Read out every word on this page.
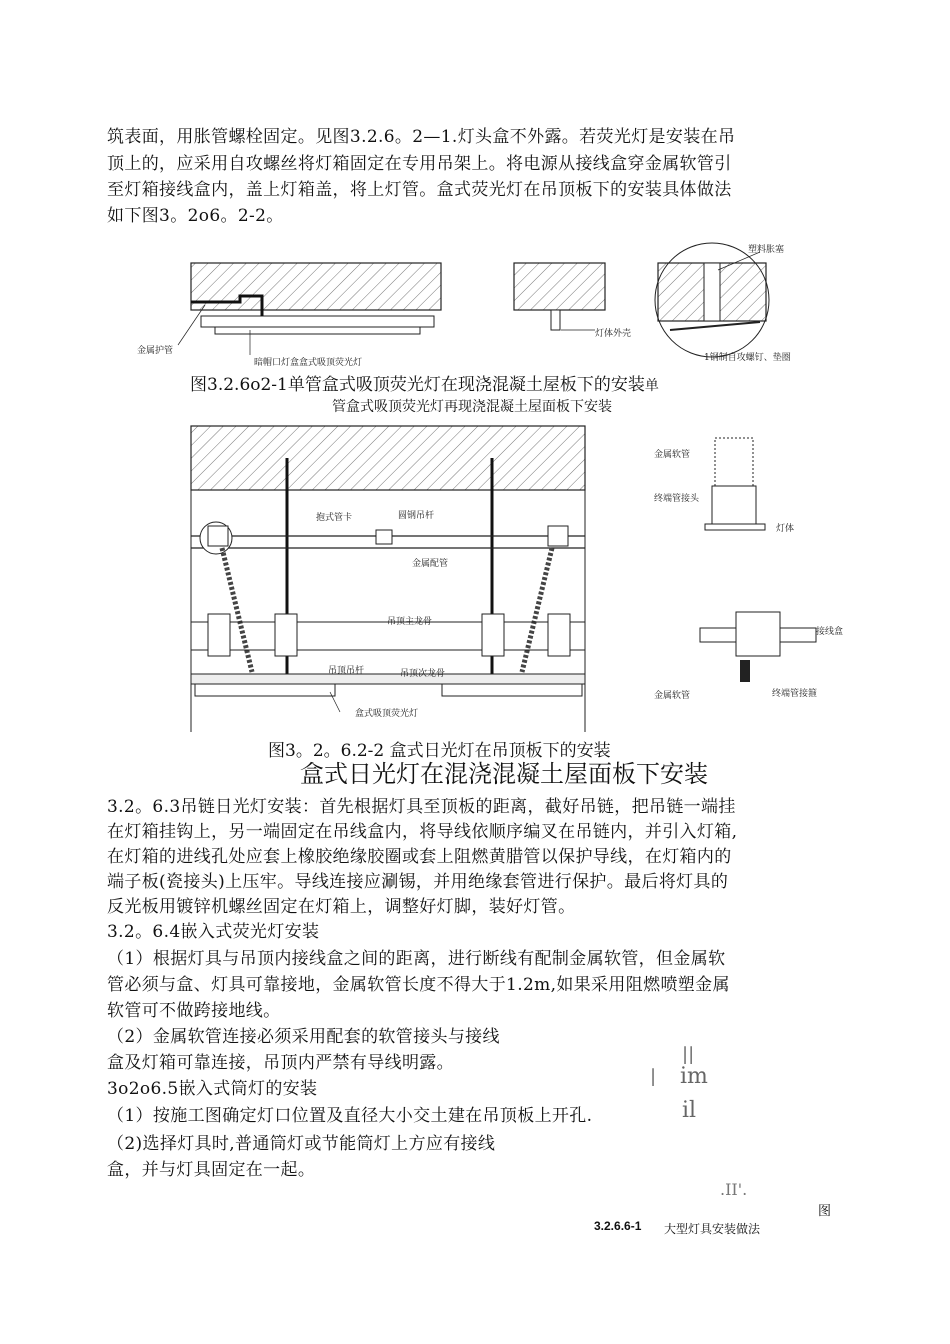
筑表面，用胀管螺栓固定。见图3.2.6。2—1.灯头盒不外露。若荧光灯是安装在吊
顶上的，应采用自攻螺丝将灯箱固定在专用吊架上。将电源从接线盒穿金属软管引
至灯箱接线盒内，盖上灯箱盖，将上灯管。盒式荧光灯在吊顶板下的安装具体做法
如下图3。2o6。2-2。
金属护管
暗帽口灯盒盒式吸顶荧光灯
塑料胀塞
灯体外壳
1钢制自攻螺钉、垫圈
图3.2.6o2-1单管盒式吸顶荧光灯在现浇混凝土屋板下的安装单
管盒式吸顶荧光灯再现浇混凝土屋面板下安装
抱式管卡	圆钢吊杆
金属配管
吊顶主龙骨
吊顶吊杆	吊顶次龙骨
盒式吸顶荧光灯
金属软管
终端管接头
灯体
接线盒
金属软管	终端管接箍
图3。2。6.2-2 盒式日光灯在吊顶板下的安装
盒式日光灯在混浇混凝土屋面板下安装
3.2。6.3吊链日光灯安装：首先根据灯具至顶板的距离，截好吊链，把吊链一端挂
在灯箱挂钩上，另一端固定在吊线盒内，将导线依顺序编叉在吊链内，并引入灯箱,
在灯箱的进线孔处应套上橡胶绝缘胶圈或套上阻燃黄腊管以保护导线，在灯箱内的
端子板(瓷接头)上压牢。导线连接应涮锡，并用绝缘套管进行保护。最后将灯具的
反光板用镀锌机螺丝固定在灯箱上，调整好灯脚，装好灯管。
3.2。6.4嵌入式荧光灯安装
（1）根据灯具与吊顶内接线盒之间的距离，进行断线有配制金属软管，但金属软
管必须与盒、灯具可靠接地，金属软管长度不得大于1.2m,如果采用阻燃喷塑金属
软管可不做跨接地线。
（2）金属软管连接必须采用配套的软管接头与接线
盒及灯箱可靠连接，吊顶内严禁有导线明露。
3o2o6.5嵌入式筒灯的安装
（1）按施工图确定灯口位置及直径大小交土建在吊顶板上开孔.
（2)选择灯具时,普通筒灯或节能筒灯上方应有接线
盒，并与灯具固定在一起。
||
| im
il
.II'.
图
3.2.6.6-1 大型灯具安装做法
